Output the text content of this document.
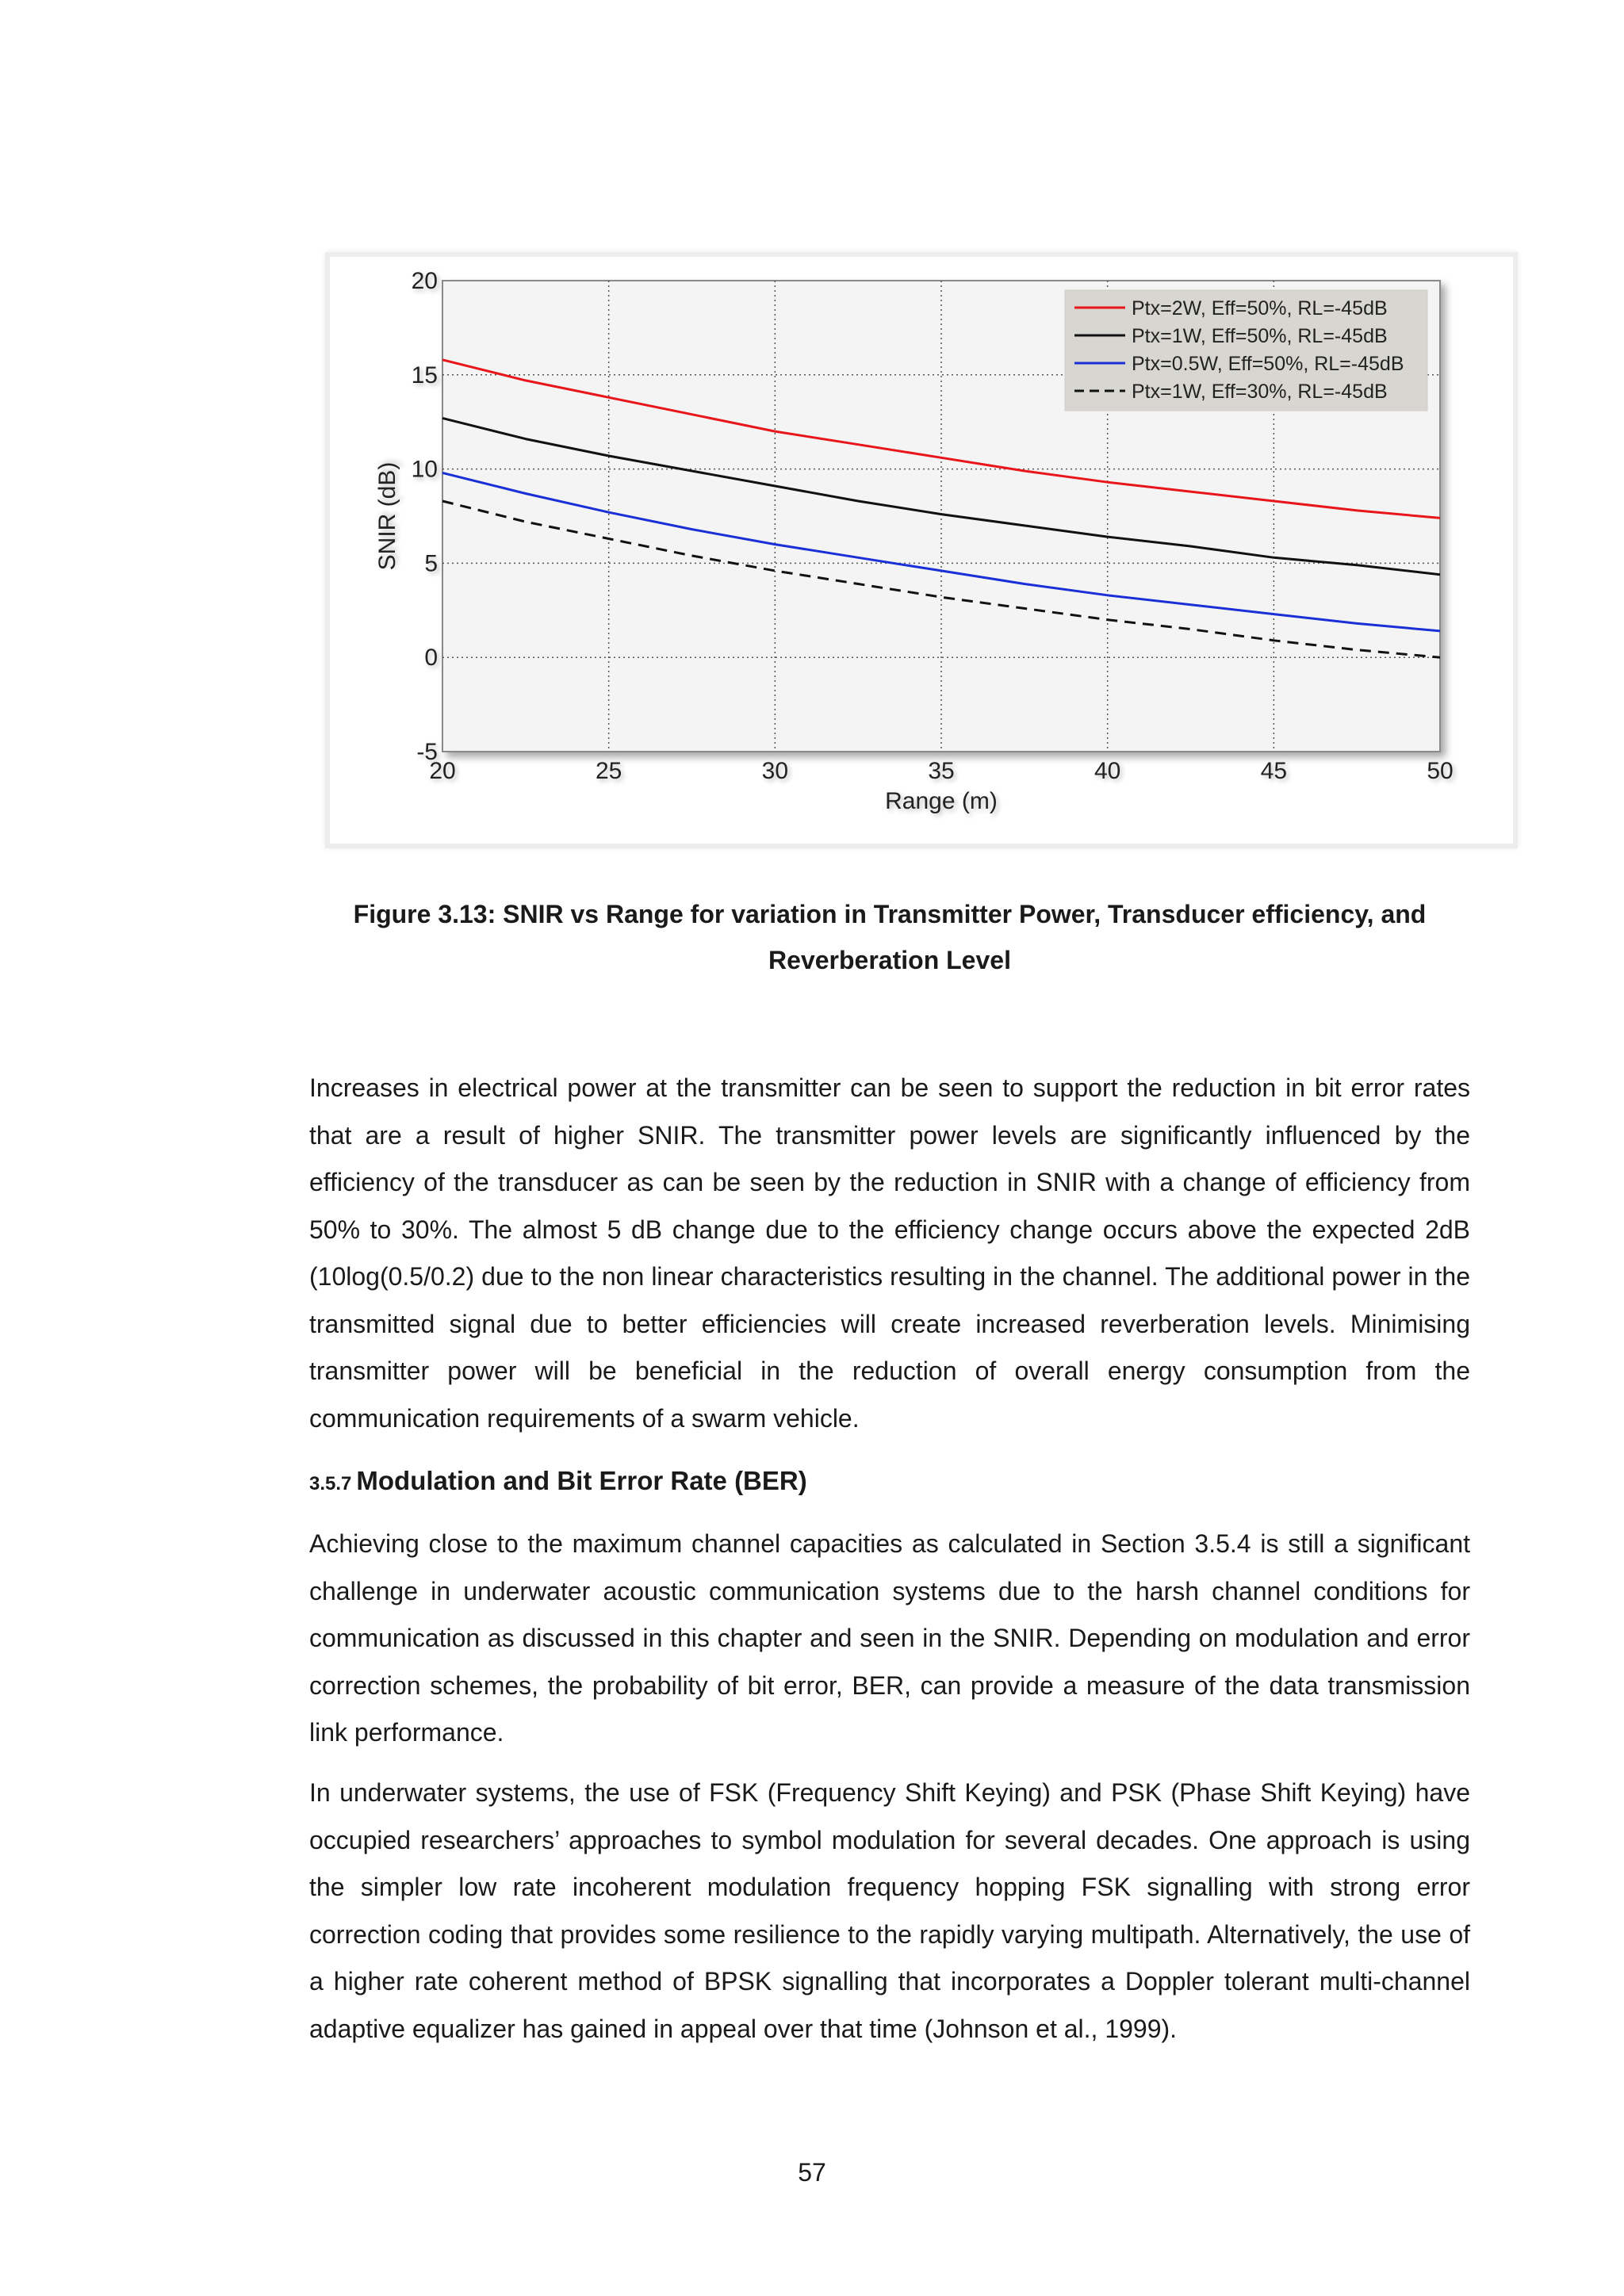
20	25	30	35	40	45	50
-5
0
5
10
15
20
Ptx=2W, Eff=50%, RL=-45dB
Ptx=1W, Eff=50%, RL=-45dB
Ptx=0.5W, Eff=50%, RL=-45dB
Ptx=1W, Eff=30%, RL=-45dB
Range (m)
SNIR (dB)

Figure 3.13: SNIR vs Range for variation in Transmitter Power, Transducer efficiency, and
Reverberation Level

Increases in electrical power at the transmitter can be seen to support the reduction in bit error rates that are a result of higher SNIR. The transmitter power levels are significantly influenced by the efficiency of the transducer as can be seen by the reduction in SNIR with a change of efficiency from 50% to 30%. The almost 5 dB change due to the efficiency change occurs above the expected 2dB (10log(0.5/0.2) due to the non linear characteristics resulting in the channel. The additional power in the transmitted signal due to better efficiencies will create increased reverberation levels. Minimising transmitter power will be beneficial in the reduction of overall energy consumption from the communication requirements of a swarm vehicle.

3.5.7 Modulation and Bit Error Rate (BER)

Achieving close to the maximum channel capacities as calculated in Section 3.5.4 is still a significant challenge in underwater acoustic communication systems due to the harsh channel conditions for communication as discussed in this chapter and seen in the SNIR. Depending on modulation and error correction schemes, the probability of bit error, BER, can provide a measure of the data transmission link performance.

In underwater systems, the use of FSK (Frequency Shift Keying) and PSK (Phase Shift Keying) have occupied researchers’ approaches to symbol modulation for several decades. One approach is using the simpler low rate incoherent modulation frequency hopping FSK signalling with strong error correction coding that provides some resilience to the rapidly varying multipath. Alternatively, the use of a higher rate coherent method of BPSK signalling that incorporates a Doppler tolerant multi-channel adaptive equalizer has gained in appeal over that time (Johnson et al., 1999).

57
